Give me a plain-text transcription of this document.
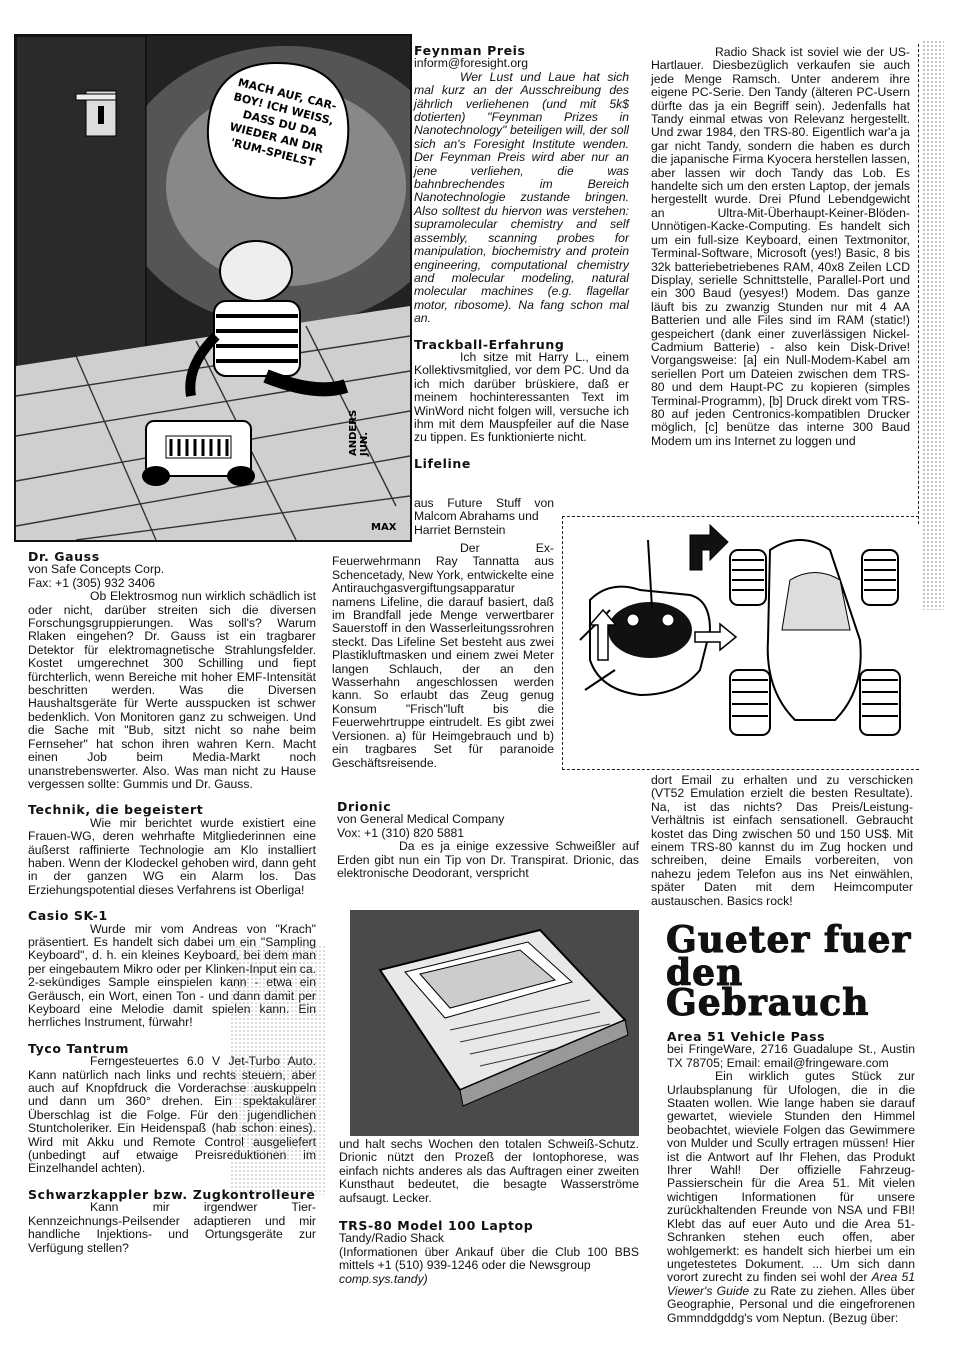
MACH AUF, CAR-BOY! ICH WEISS, DASS DU DA WIEDER AN DIR 'RUM-SPIELST
ANDERS JUN.
MAX

Feynman Preis

inform@foresight.org

Wer Lust und Laue hat sich mal kurz an der Ausschreibung des jährlich verliehenen (und mit 5k$ dotierten) "Feynman Prizes in Nanotechnology" beteiligen will, der soll sich an's Foresight Institute wenden. Der Feynman Preis wird aber nur an jene verliehen, die was bahnbrechendes im Bereich Nanotechnologie zustande bringen. Also solltest du hiervon was verstehen: supramolecular chemistry and self assembly, scanning probes for manipulation, biochemistry and protein engineering, computational chemistry and molecular modeling, natural molecular machines (e.g. flagellar motor, ribosome). Na fang schon mal an.

Trackball-Erfahrung

Ich sitze mit Harry L., einem Kollektivsmitglied, vor dem PC. Und da ich mich darüber brüskiere, daß er meinem hochinteressanten Text im WinWord nicht folgen will, versuche ich ihm mit dem Mauspfeiler auf die Nase zu tippen. Es funktionierte nicht.

Lifeline

aus Future Stuff von Malcom Abrahams und

Harriet Bernstein

Der Ex-Feuerwehrmann Ray Tannatta aus Schencetady, New York, entwickelte eine Antirauchgasvergiftungsapparatur namens Lifeline, die darauf basiert, daß im Brandfall jede Menge verwertbarer Sauerstoff in den Wasserleitungssrohren steckt. Das Lifeline Set besteht aus zwei Plastikluftmasken und einem zwei Meter langen Schlauch, der an den Wasserhahn angeschlossen werden kann. So erlaubt das Zeug genug Konsum "Frisch"luft bis die Feuerwehrtruppe eintrudelt. Es gibt zwei Versionen. a) für Heimgebrauch und b) ein tragbares Set für paranoide Geschäftsreisende.

Radio Shack ist soviel wie der US-Hartlauer. Diesbezüglich verkaufen sie auch jede Menge Ramsch. Unter anderem ihre eigene PC-Serie. Den Tandy (älteren PC-Usern dürfte das ja ein Begriff sein). Jedenfalls hat Tandy einmal etwas von Relevanz hergestellt. Und zwar 1984, den TRS-80. Eigentlich war'a ja gar nicht Tandy, sondern die haben es durch die japanische Firma Kyocera herstellen lassen, aber lassen wir doch Tandy das Lob. Es handelte sich um den ersten Laptop, der jemals hergestellt wurde. Drei Pfund Lebendgewicht an Ultra-Mit-Überhaupt-Keiner-Blöden-Unnötigen-Kacke-Computing. Es handelt sich um ein full-size Keyboard, einen Textmonitor, Terminal-Software, Microsoft (yes!) Basic, 8 bis 32k batteriebetriebenes RAM, 40x8 Zeilen LCD Display, serielle Schnittstelle, Parallel-Port und ein 300 Baud (yesyes!) Modem. Das ganze läuft bis zu zwanzig Stunden nur mit 4 AA Batterien und alle Files sind im RAM (static!) gespeichert (dank einer zuverlässigen Nickel-Cadmium Batterie) - also kein Disk-Drive! Vorgangsweise: [a] ein Null-Modem-Kabel am seriellen Port um Dateien zwischen dem TRS-80 und dem Haupt-PC zu kopieren (simples Terminal-Programm), [b] Druck direkt vom TRS-80 auf jeden Centronics-kompatiblen Drucker möglich, [c] benütze das interne 300 Baud Modem um ins Internet zu loggen und

dort Email zu erhalten und zu verschicken (VT52 Emulation erzielt die besten Resultate). Na, ist das nichts? Das Preis/Leistung-Verhältnis ist einfach sensationell. Gebraucht kostet das Ding zwischen 50 und 150 US$. Mit einem TRS-80 kannst du im Zug hocken und schreiben, deine Emails vorbereiten, von nahezu jedem Telefon aus ins Net einwählen, später Daten mit dem Heimcomputer austauschen. Basics rock!

Dr. Gauss

von Safe Concepts Corp.

Fax: +1 (305) 932 3406

Ob Elektrosmog nun wirklich schädlich ist oder nicht, darüber streiten sich die diversen Forschungsgruppierungen. Was soll's? Warum Rlaken eingehen? Dr. Gauss ist ein tragbarer Detektor für elektromagnetische Strahlungsfelder. Kostet umgerechnet 300 Schilling und fiept fürchterlich, wenn Bereiche mit hoher EMF-Intensität beschritten werden. Was die Diversen Haushaltsgeräte für Werte ausspucken ist schwer bedenklich. Von Monitoren ganz zu schweigen. Und die Sache mit "Bub, sitzt nicht so nahe beim Fernseher" hat schon ihren wahren Kern. Macht einen Job beim Media-Markt noch unanstrebenswerter. Also. Was man nicht zu Hause vergessen sollte: Gummis und Dr. Gauss.

Technik, die begeistert

Wie mir berichtet wurde existiert eine Frauen-WG, deren wehrhafte Mitgliederinnen eine äußerst raffinierte Technologie am Klo installiert haben. Wenn der Klodeckel gehoben wird, dann geht in der ganzen WG ein Alarm los. Das Erziehungspotential dieses Verfahrens ist Oberliga!

Casio SK-1

Wurde mir vom Andreas von "Krach" präsentiert. Es handelt sich dabei um ein "Sampling Keyboard", d. h. ein kleines Keyboard, bei dem man per eingebautem Mikro oder per Klinken-Input ein ca. 2-sekündiges Sample einspielen kann - etwa ein Geräusch, ein Wort, einen Ton - und dann damit per Keyboard eine Melodie damit spielen kann. Ein herrliches Instrument, fürwahr!

Tyco Tantrum

Ferngesteuertes 6.0 V Jet-Turbo Auto. Kann natürlich nach links und rechts steuern, aber auch auf Knopfdruck die Vorderachse auskuppeln und dann um 360° drehen. Ein spektakulärer Überschlag ist die Folge. Für den jugendlichen Stuntcholeriker. Ein Heidenspaß (hab schon eines). Wird mit Akku und Remote Control ausgeliefert (unbedingt auf etwaige Preisreduktionen im Einzelhandel achten).

Schwarzkappler bzw. Zugkontrolleure

Kann mir irgendwer Tier-Kennzeichnungs-Peilsender adaptieren und mir handliche Injektions- und Ortungsgeräte zur Verfügung stellen?

Drionic

von General Medical Company

Vox: +1 (310) 820 5881

Da es ja einige exzessive Schweißler auf Erden gibt nun ein Tip von Dr. Transpirat. Drionic, das elektronische Deodorant, verspricht

und halt sechs Wochen den totalen Schweiß-Schutz. Drionic nützt den Prozeß der Iontophorese, was einfach nichts anderes als das Auftragen einer zweiten Kunsthaut bedeutet, die besagte Wasserströme aufsaugt. Lecker.

TRS-80 Model 100 Laptop

Tandy/Radio Shack

(Informationen über Ankauf über die Club 100 BBS mittels +1 (510) 939-1246 oder die Newsgroup

comp.sys.tandy)

Gueter fuer
den
Gebrauch

Area 51 Vehicle Pass

bei FringeWare, 2716 Guadalupe St., Austin TX 78705; Email: email@fringeware.com

Ein wirklich gutes Stück zur Urlaubsplanung für Ufologen, die in die Staaten wollen. Wie lange haben sie darauf gewartet, wieviele Stunden den Himmel beobachtet, wieviele Folgen das Gewimmere von Mulder und Scully ertragen müssen! Hier ist die Antwort auf Ihr Flehen, das Produkt Ihrer Wahl! Der offizielle Fahrzeug-Passierschein für die Area 51. Mit vielen wichtigen Informationen für unsere zurückhaltenden Freunde von NSA und FBI! Klebt das auf euer Auto und die Area 51-Schranken stehen euch offen, aber wohlgemerkt: es handelt sich hierbei um ein ungetestetes Dokument. ... Um sich dann vorort zurecht zu finden sei wohl der Area 51 Viewer's Guide zu Rate zu ziehen. Alles über Geographie, Personal und die eingefrorenen Gmmnddgddg's vom Neptun. (Bezug über:
